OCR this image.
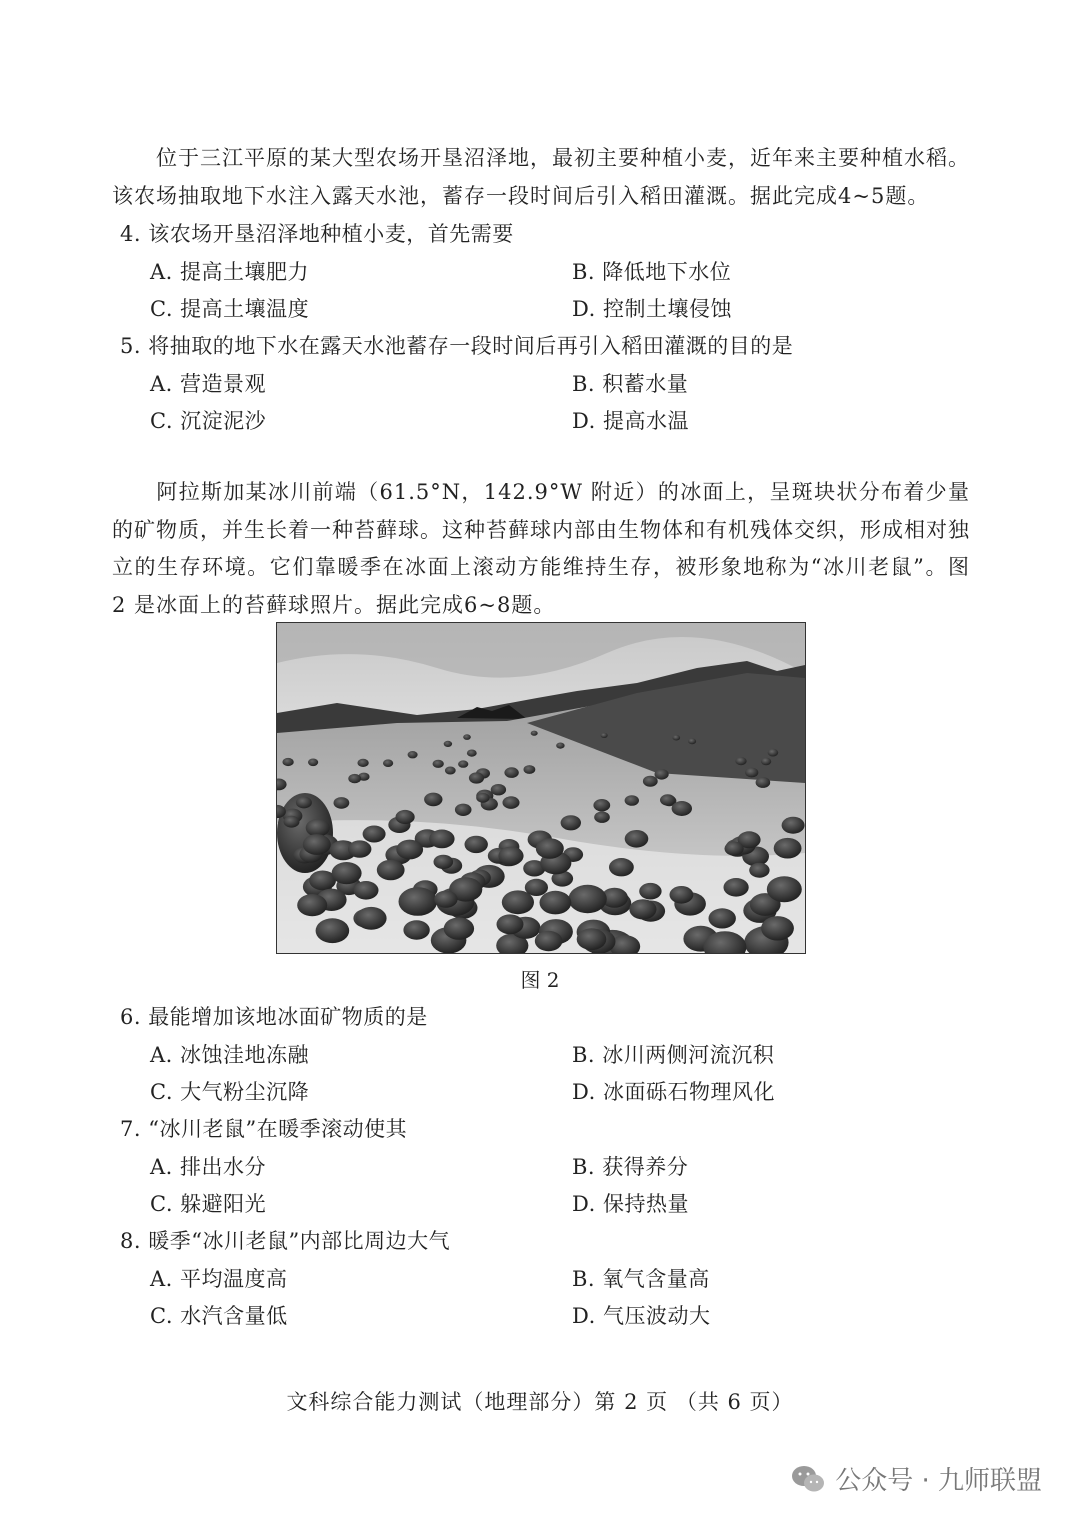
位于三江平原的某大型农场开垦沼泽地，最初主要种植小麦，近年来主要种植水稻。该农场抽取地下水注入露天水池，蓄存一段时间后引入稻田灌溉。据此完成4~5题。
4. 该农场开垦沼泽地种植小麦，首先需要
A. 提高土壤肥力	B. 降低地下水位
C. 提高土壤温度	D. 控制土壤侵蚀
5. 将抽取的地下水在露天水池蓄存一段时间后再引入稻田灌溉的目的是
A. 营造景观	B. 积蓄水量
C. 沉淀泥沙	D. 提高水温
阿拉斯加某冰川前端（61.5°N，142.9°W 附近）的冰面上，呈斑块状分布着少量的矿物质，并生长着一种苔藓球。这种苔藓球内部由生物体和有机残体交织，形成相对独立的生存环境。它们靠暖季在冰面上滚动方能维持生存，被形象地称为“冰川老鼠”。图 2 是冰面上的苔藓球照片。据此完成6~8题。
图 2
6. 最能增加该地冰面矿物质的是
A. 冰蚀洼地冻融	B. 冰川两侧河流沉积
C. 大气粉尘沉降	D. 冰面砾石物理风化
7. “冰川老鼠”在暖季滚动使其
A. 排出水分	B. 获得养分
C. 躲避阳光	D. 保持热量
8. 暖季“冰川老鼠”内部比周边大气
A. 平均温度高	B. 氧气含量高
C. 水汽含量低	D. 气压波动大
文科综合能力测试（地理部分）第 2 页 （共 6 页）
公众号 · 九师联盟
